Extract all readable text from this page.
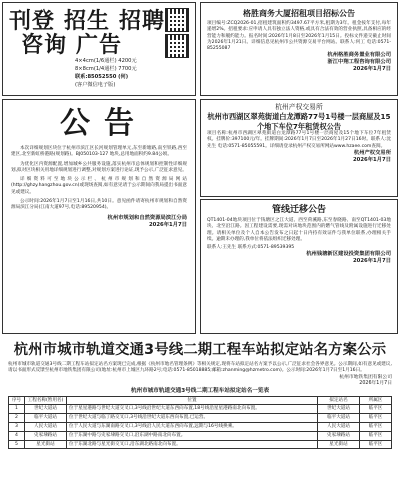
刊登 招生 招聘
咨询 广告
4×4cm(1/6通栏) 4200元
8×8cm(1/4通栏) 7700元
联系:85052550 (何)
(客户微信电子版)
公告

本次详细规划区块位于杭州市滨江区长河规划管理单元,东至新塘路,南至铁路,西至建区,北至新虹桥港路(规划路)。BJ050103-127 地块,总用地面积约9.84公顷。

为优化区内资源配置,增加城乡公共服务设施,落实杭州市总体规划和控制性详细规划,拟对区块相关用地详细规划进行调整,对规划方案进行论证,现予公示,广泛征求意见。

详细资料可至地块公示栏、杭州市规划和自然资源局网站(http://ghzy.hangzhou.gov.cn)或现场查阅,如有意见请于公示期间向我局提出书面意见或建议。

公示时间:2026年1月7日至1月16日,共10日。意见函件请寄杭州市规划和自然资源局滨江分局(江南大道97号,电话:89520954)。

杭州市规划和自然资源局滨江分局
2026年1月7日
格胜商务大厦招租项目招标公告
项目编号:ZCQ2026-01,招租建筑面积约3497.67平方米,租期为3年。租金按年支付,每年递增2%。招租要求:应申请人具有独立法人资格,或具有合法有效的营业执照,具备相应的经营能力和履约能力。报名时间:2026年1月8日至2026年1月15日。投标文件递交截止时间为2026年1月21日。详细信息见杭州市公共资源交易平台网站。联系人:何工 电话:0571-85255087
杭州格胜商务置业有限公司
浙江中翔工程咨询有限公司
2026年1月7日
杭州产权交易所
杭州市西湖区翠苑街道白龙潭路77号1号楼一层商屋及15个地下车位7年租赁权公告
项目名称:杭州市西湖区翠苑街道白龙潭路77号1号楼一层商屋及15个地下车位7年租赁权。挂牌价:397100元/年。挂牌期间:2026年1月7日至2026年1月27日16时。联系人:沈先生 电话:0571-85055591。详细请登录杭州产权交易所网站www.hzaee.com查阅。
杭州产权交易所
2026年1月7日
管线迁移公告
QT1401-04地块项目位于钱塘区之江大道、西至荷溪路,东至春晓路、南至QT1401-03地块、北至沿江路。因工程建设需要,现需对该地块范围内的燃气管线及附属设施进行迁移处理。请相关单位及个人自本公告发布之日起十日内持有效证件与我单位联系,办理相关手续。逾期未办理的,我单位将依法组织迁移处理。
联系人:王先生 联系方式:0571-89539395
杭州钱塘新区建设投资集团有限公司
2026年1月7日
杭州市城市轨道交通3号线二期工程车站拟定站名方案公示
杭州市城市轨道交通3号线二期工程车站拟定站名方案现已完成,根据《杭州市地名管理条例》等相关规定,现将车站拟定站名方案予以公示,广泛征求社会各界意见。公示期间,如有意见或建议,请以书面形式反馈至杭州市地铁集团有限公司(地址:杭州市上城区九环路2号;电话:0571-85018885;邮箱:zhanming@hzmetro.com)。公示时间:2026年1月7日至1月16日。
杭州市地铁集团有限公司
2026年1月7日
杭州市城市轨道交通3号线二期工程车站拟定站名一览表
序号	工程名称(暂用名)	位置	拟定站名	所属区
1	世纪大道站	位于星星港路与世纪大道交叉口,3号线沿世纪大道东西向布置,18号线沿星星港路南北向布置。	世纪大道站	临平区
2	临平大道站	位于世纪大道与临丁路交叉口,3号线沿世纪大道东西向布置,已运营。	临平大道站	临平区
3	人民大道站	位于人民大道与东湖南路交叉口,3号线沿人民大道东西向布置,远期与16号线换乘。	人民大道站	临平区
4	史家埭路站	位于东湖中路与史家埭路交叉口,沿东湖中路南北向布置。	史家埭路站	临平区
5	星光街站	位于东湖北路与星光街交叉口,沿东湖北路南北向布置。	星光街站	临平区
